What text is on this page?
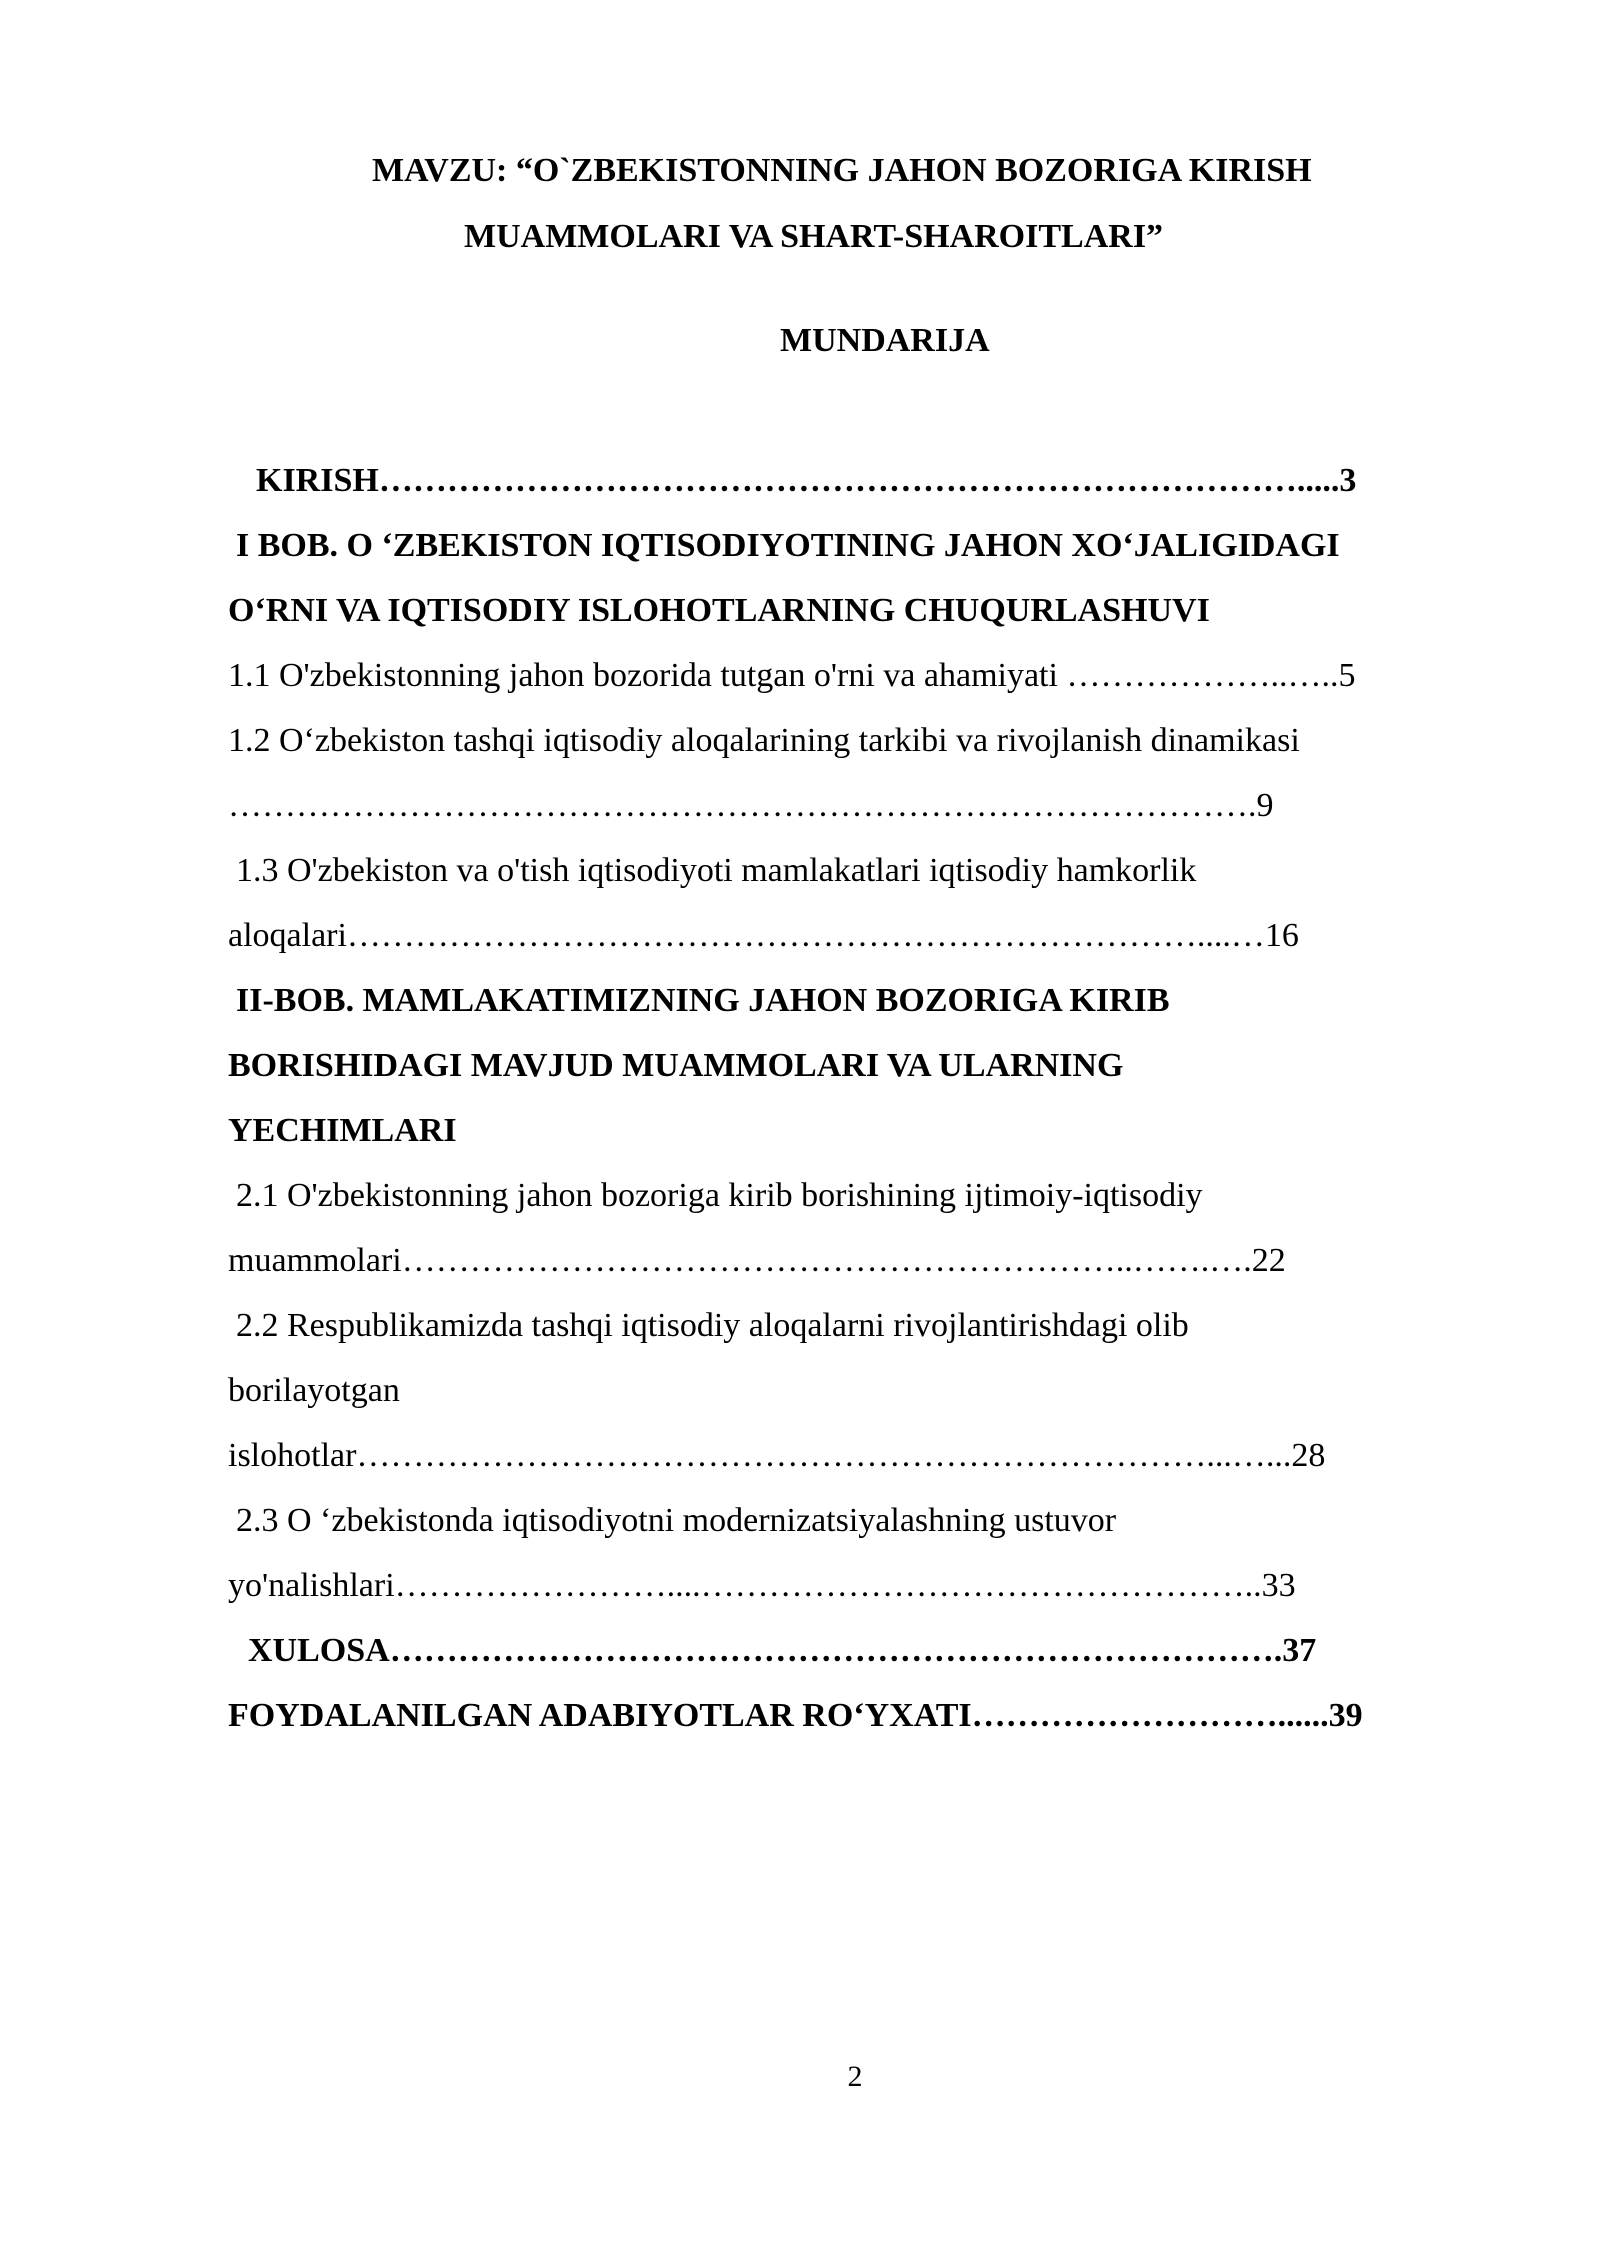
MAVZU: “O`ZBEKISTONNING JAHON BOZORIGA KIRISH
MUAMMOLARI VA SHART-SHAROITLARI”
MUNDARIJA
KIRISH……………………………………………………………………….....3
I BOB. O ‘ZBEKISTON IQTISODIYOTINING JAHON XO‘JALIGIDAGI
O‘RNI VA IQTISODIY ISLOHOTLARNING CHUQURLASHUVI
1.1 O'zbekistonning jahon bozorida tutgan o'rni va ahamiyati ………………..…..5
1.2 O‘zbekiston tashqi iqtisodiy aloqalarining tarkibi va rivojlanish dinamikasi
……………………………………………………………………………….9
1.3 O'zbekiston va o'tish iqtisodiyoti mamlakatlari iqtisodiy hamkorlik
aloqalari…………………………………………………………………....…16
II-BOB. MAMLAKATIMIZNING JAHON BOZORIGA KIRIB
BORISHIDAGI MAVJUD MUAMMOLARI VA ULARNING
YECHIMLARI
2.1 O'zbekistonning jahon bozoriga kirib borishining ijtimoiy-iqtisodiy
muammolari………………………………………………………..…….….22
2.2 Respublikamizda tashqi iqtisodiy aloqalarni rivojlantirishdagi olib
borilayotgan
islohotlar…………………………………………………………………...…...28
2.3 O ‘zbekistonda iqtisodiyotni modernizatsiyalashning ustuvor
yo'nalishlari……………………....…………………………………………..33
XULOSA…………………………………………………………………….37
FOYDALANILGAN ADABIYOTLAR RO‘YXATI………………………......39
2
